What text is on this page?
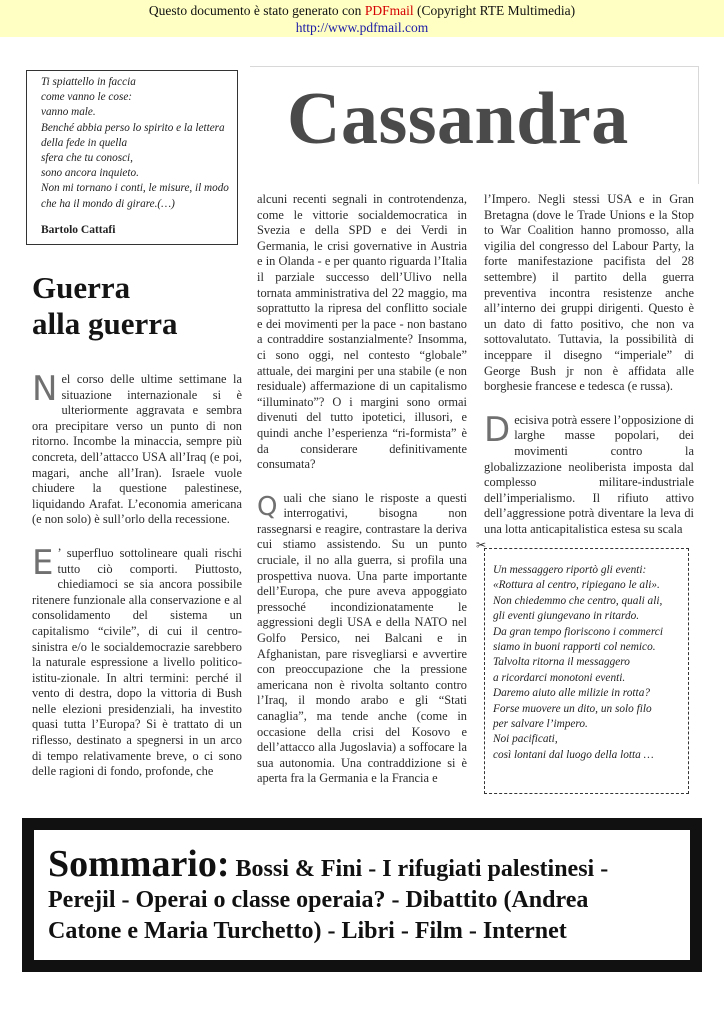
Questo documento è stato generato con PDFmail (Copyright RTE Multimedia)
http://www.pdfmail.com
Ti spiattello in faccia
come vanno le cose:
vanno male.
Benché abbia perso lo spirito e la lettera
della fede in quella
sfera che tu conosci,
sono ancora inquieto.
Non mi tornano i conti, le misure, il modo
che ha il mondo di girare.(…)
Bartolo Cattafi
Cassandra
Guerra
alla guerra

Nel corso delle ultime settimane la situazione internazionale si è ulteriormente aggravata e sembra ora precipitare verso un punto di non ritorno. Incombe la minaccia, sempre più concreta, dell’attacco USA all’Iraq (e poi, magari, anche all’Iran). Israele vuole chiudere la questione palestinese, liquidando Arafat. L’economia americana (e non solo) è sull’orlo della recessione.

E ’ superfluo sottolineare quali rischi tutto ciò comporti. Piuttosto, chiediamoci se sia ancora possibile ritenere funzionale alla conservazione e al consolidamento del sistema un capitalismo “civile”, di cui il centro-sinistra e/o le socialdemocrazie sarebbero la naturale espressione a livello politico-istitu-zionale. In altri termini: perché il vento di destra, dopo la vittoria di Bush nelle elezioni presidenziali, ha investito quasi tutta l’Europa? Si è trattato di un riflesso, destinato a spegnersi in un arco di tempo relativamente breve, o ci sono delle ragioni di fondo, profonde, che

alcuni recenti segnali in controtendenza, come le vittorie socialdemocratica in Svezia e della SPD e dei Verdi in Germania, le crisi governative in Austria e in Olanda - e per quanto riguarda l’Italia il parziale successo dell’Ulivo nella tornata amministrativa del 22 maggio, ma soprattutto la ripresa del conflitto sociale e dei movimenti per la pace - non bastano a contraddire sostanzialmente? Insomma, ci sono oggi, nel contesto “globale” attuale, dei margini per una stabile (e non residuale) affermazione di un capitalismo “illuminato”? O i margini sono ormai divenuti del tutto ipotetici, illusori, e quindi anche l’esperienza “ri-formista” è da considerare definitivamente consumata?

Quali che siano le risposte a questi interrogativi, bisogna non rassegnarsi e reagire, contrastare la deriva cui stiamo assistendo. Su un punto cruciale, il no alla guerra, si profila una prospettiva nuova. Una parte importante dell’Europa, che pure aveva appoggiato pressoché incondizionatamente le aggressioni degli USA e della NATO nel Golfo Persico, nei Balcani e in Afghanistan, pare risvegliarsi e avvertire con preoccupazione che la pressione americana non è rivolta soltanto contro l’Iraq, il mondo arabo e gli “Stati canaglia”, ma tende anche (come in occasione della crisi del Kosovo e dell’attacco alla Jugoslavia) a soffocare la sua autonomia. Una contraddizione si è aperta fra la Germania e la Francia e

l’Impero. Negli stessi USA e in Gran Bretagna (dove le Trade Unions e la Stop to War Coalition hanno promosso, alla vigilia del congresso del Labour Party, la forte manifestazione pacifista del 28 settembre) il partito della guerra preventiva incontra resistenze anche all’interno dei gruppi dirigenti. Questo è un dato di fatto positivo, che non va sottovalutato. Tuttavia, la possibilità di inceppare il disegno “imperiale” di George Bush jr non è affidata alle borghesie francese e tedesca (e russa).

Decisiva potrà essere l’opposizione di larghe masse popolari, dei movimenti contro la globalizzazione neoliberista imposta dal complesso militare-industriale dell’imperialismo. Il rifiuto attivo dell’aggressione potrà diventare la leva di una lotta anticapitalistica estesa su scala

✂
Un messaggero riportò gli eventi:
«Rottura al centro, ripiegano le ali».
Non chiedemmo che centro, quali ali,
gli eventi giungevano in ritardo.
Da gran tempo fioriscono i commerci
siamo in buoni rapporti col nemico.
Talvolta ritorna il messaggero
a ricordarci monotoni eventi.
Daremo aiuto alle milizie in rotta?
Forse muovere un dito, un solo filo
per salvare l’impero.
Noi pacificati,
così lontani dal luogo della lotta …
Sommario: Bossi & Fini - I rifugiati palestinesi -
Perejil - Operai o classe operaia? - Dibattito (Andrea
Catone e Maria Turchetto) - Libri - Film - Internet
